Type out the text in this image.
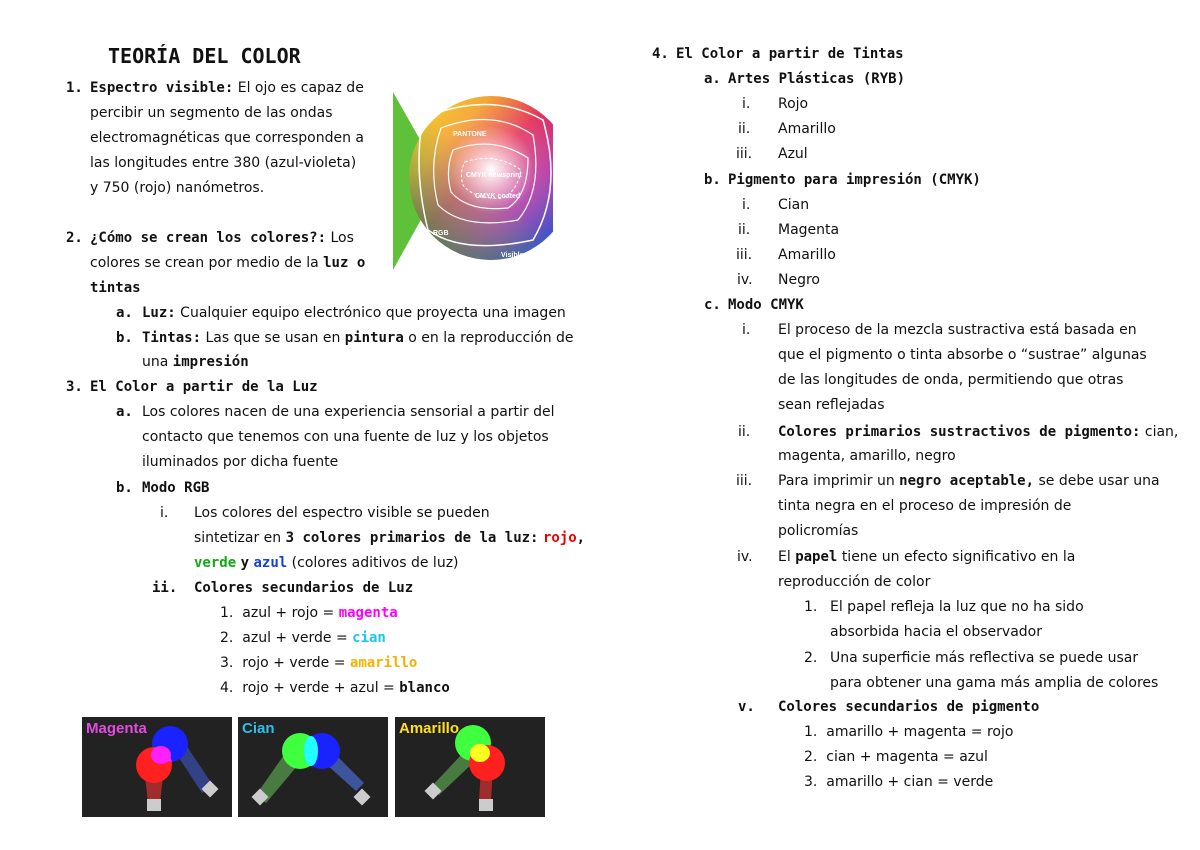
TEORÍA DEL COLOR
1. Espectro visible: El ojo es capaz de
percibir un segmento de las ondas
electromagnéticas que corresponden a
las longitudes entre 380 (azul-violeta)
y 750 (rojo) nanómetros.
PANTONE
CMYK newsprint
CMYK coated
RGB
Visible
2. ¿Cómo se crean los colores?: Los
colores se crean por medio de la luz o
tintas
a. Luz: Cualquier equipo electrónico que proyecta una imagen
b. Tintas: Las que se usan en pintura o en la reproducción de
una impresión
3. El Color a partir de la Luz
a. Los colores nacen de una experiencia sensorial a partir del
contacto que tenemos con una fuente de luz y los objetos
iluminados por dicha fuente
b. Modo RGB
i. Los colores del espectro visible se pueden
sintetizar en 3 colores primarios de la luz: rojo,
verde y azul (colores aditivos de luz)
ii. Colores secundarios de Luz
1. azul + rojo = magenta
2. azul + verde = cian
3. rojo + verde = amarillo
4. rojo + verde + azul = blanco
Magenta	Cian	Amarillo
4. El Color a partir de Tintas
a. Artes Plásticas (RYB)
i. Rojo
ii. Amarillo
iii. Azul
b. Pigmento para impresión (CMYK)
i. Cian
ii. Magenta
iii. Amarillo
iv. Negro
c. Modo CMYK
i. El proceso de la mezcla sustractiva está basada en
que el pigmento o tinta absorbe o “sustrae” algunas
de las longitudes de onda, permitiendo que otras
sean reflejadas
ii. Colores primarios sustractivos de pigmento: cian,
magenta, amarillo, negro
iii. Para imprimir un negro aceptable, se debe usar una
tinta negra en el proceso de impresión de
policromías
iv. El papel tiene un efecto significativo en la
reproducción de color
1. El papel refleja la luz que no ha sido
absorbida hacia el observador
2. Una superficie más reflectiva se puede usar
para obtener una gama más amplia de colores
v. Colores secundarios de pigmento
1. amarillo + magenta = rojo
2. cian + magenta = azul
3. amarillo + cian = verde
